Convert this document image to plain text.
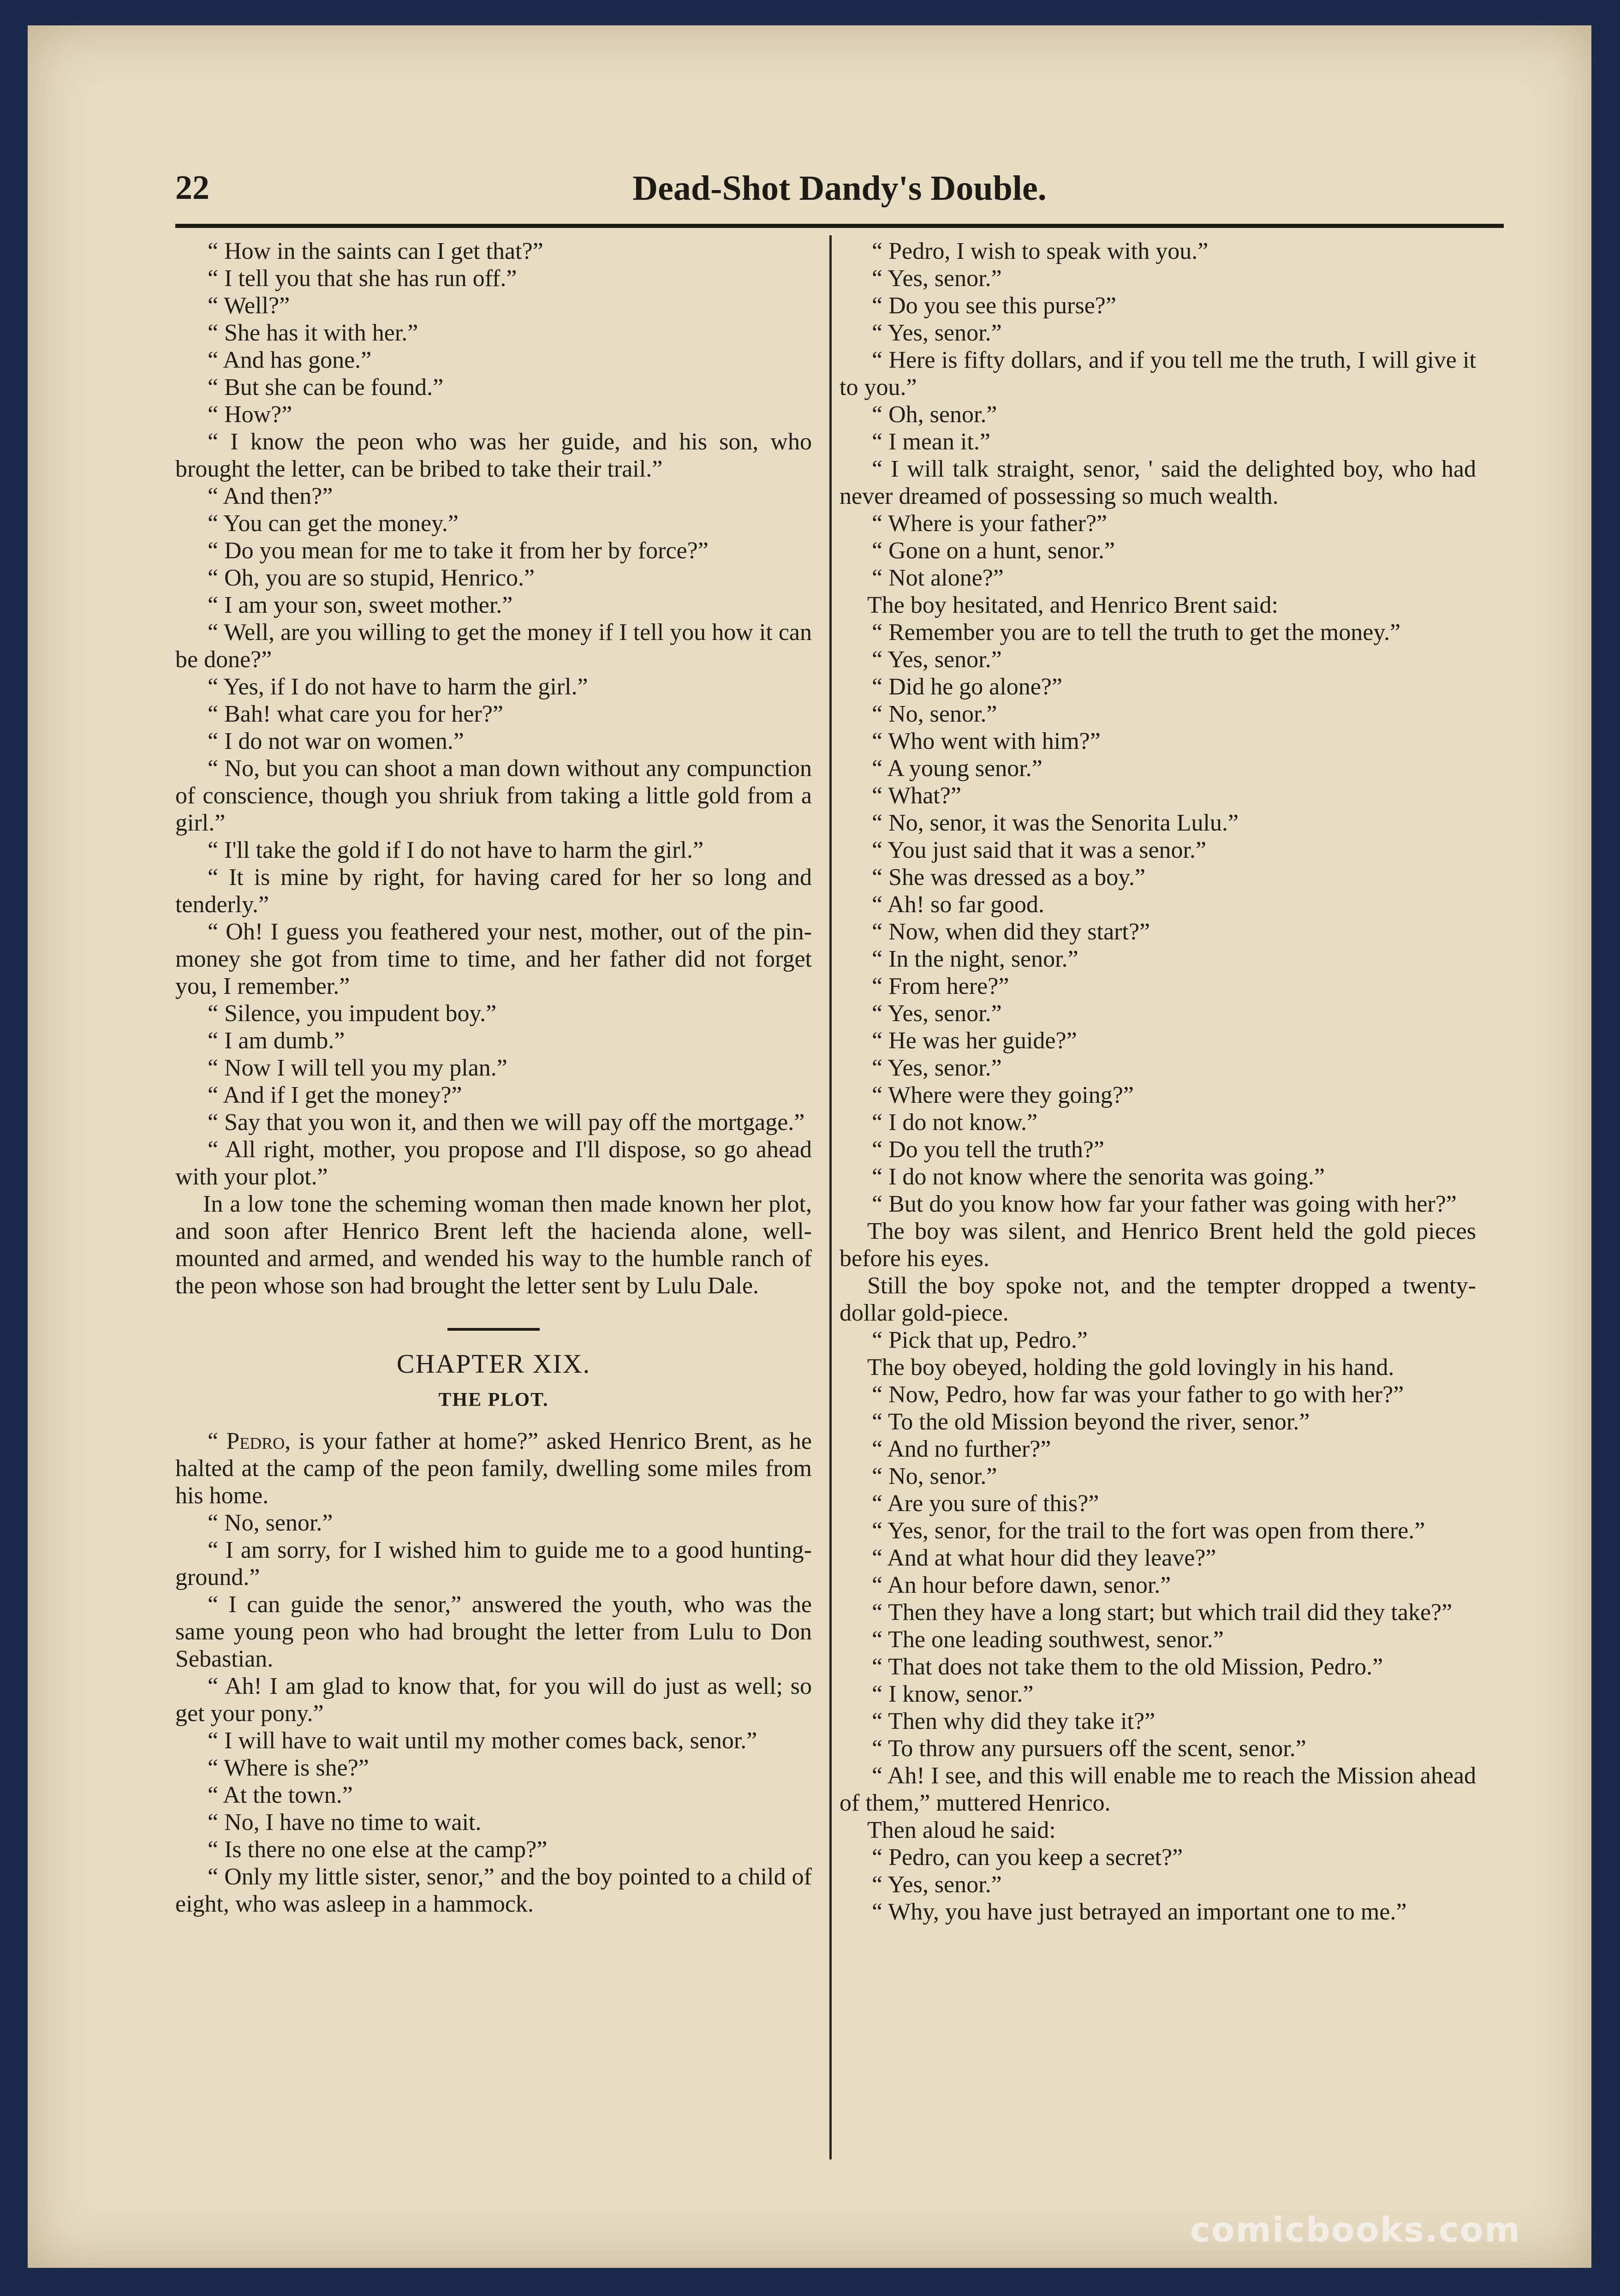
22	Dead-Shot Dandy's Double.

“ How in the saints can I get that?”

“ I tell you that she has run off.”

“ Well?”

“ She has it with her.”

“ And has gone.”

“ But she can be found.”

“ How?”

“ I know the peon who was her guide, and his son, who brought the letter, can be bribed to take their trail.”

“ And then?”

“ You can get the money.”

“ Do you mean for me to take it from her by force?”

“ Oh, you are so stupid, Henrico.”

“ I am your son, sweet mother.”

“ Well, are you willing to get the money if I tell you how it can be done?”

“ Yes, if I do not have to harm the girl.”

“ Bah! what care you for her?”

“ I do not war on women.”

“ No, but you can shoot a man down without any compunction of conscience, though you shriuk from taking a little gold from a girl.”

“ I'll take the gold if I do not have to harm the girl.”

“ It is mine by right, for having cared for her so long and tenderly.”

“ Oh! I guess you feathered your nest, mother, out of the pin-money she got from time to time, and her father did not forget you, I remember.”

“ Silence, you impudent boy.”

“ I am dumb.”

“ Now I will tell you my plan.”

“ And if I get the money?”

“ Say that you won it, and then we will pay off the mortgage.”

“ All right, mother, you propose and I'll dispose, so go ahead with your plot.”

In a low tone the scheming woman then made known her plot, and soon after Henrico Brent left the hacienda alone, well-mounted and armed, and wended his way to the humble ranch of the peon whose son had brought the letter sent by Lulu Dale.

CHAPTER XIX.
THE PLOT.

“ Pedro, is your father at home?” asked Henrico Brent, as he halted at the camp of the peon family, dwelling some miles from his home.

“ No, senor.”

“ I am sorry, for I wished him to guide me to a good hunting-ground.”

“ I can guide the senor,” answered the youth, who was the same young peon who had brought the letter from Lulu to Don Sebastian.

“ Ah! I am glad to know that, for you will do just as well; so get your pony.”

“ I will have to wait until my mother comes back, senor.”

“ Where is she?”

“ At the town.”

“ No, I have no time to wait.

“ Is there no one else at the camp?”

“ Only my little sister, senor,” and the boy pointed to a child of eight, who was asleep in a hammock.

“ Pedro, I wish to speak with you.”

“ Yes, senor.”

“ Do you see this purse?”

“ Yes, senor.”

“ Here is fifty dollars, and if you tell me the truth, I will give it to you.”

“ Oh, senor.”

“ I mean it.”

“ I will talk straight, senor, ' said the delighted boy, who had never dreamed of possessing so much wealth.

“ Where is your father?”

“ Gone on a hunt, senor.”

“ Not alone?”

The boy hesitated, and Henrico Brent said:

“ Remember you are to tell the truth to get the money.”

“ Yes, senor.”

“ Did he go alone?”

“ No, senor.”

“ Who went with him?”

“ A young senor.”

“ What?”

“ No, senor, it was the Senorita Lulu.”

“ You just said that it was a senor.”

“ She was dressed as a boy.”

“ Ah! so far good.

“ Now, when did they start?”

“ In the night, senor.”

“ From here?”

“ Yes, senor.”

“ He was her guide?”

“ Yes, senor.”

“ Where were they going?”

“ I do not know.”

“ Do you tell the truth?”

“ I do not know where the senorita was going.”

“ But do you know how far your father was going with her?”

The boy was silent, and Henrico Brent held the gold pieces before his eyes.

Still the boy spoke not, and the tempter dropped a twenty-dollar gold-piece.

“ Pick that up, Pedro.”

The boy obeyed, holding the gold lovingly in his hand.

“ Now, Pedro, how far was your father to go with her?”

“ To the old Mission beyond the river, senor.”

“ And no further?”

“ No, senor.”

“ Are you sure of this?”

“ Yes, senor, for the trail to the fort was open from there.”

“ And at what hour did they leave?”

“ An hour before dawn, senor.”

“ Then they have a long start; but which trail did they take?”

“ The one leading southwest, senor.”

“ That does not take them to the old Mission, Pedro.”

“ I know, senor.”

“ Then why did they take it?”

“ To throw any pursuers off the scent, senor.”

“ Ah! I see, and this will enable me to reach the Mission ahead of them,” muttered Henrico.

Then aloud he said:

“ Pedro, can you keep a secret?”

“ Yes, senor.”

“ Why, you have just betrayed an important one to me.”

comicbooks.com
